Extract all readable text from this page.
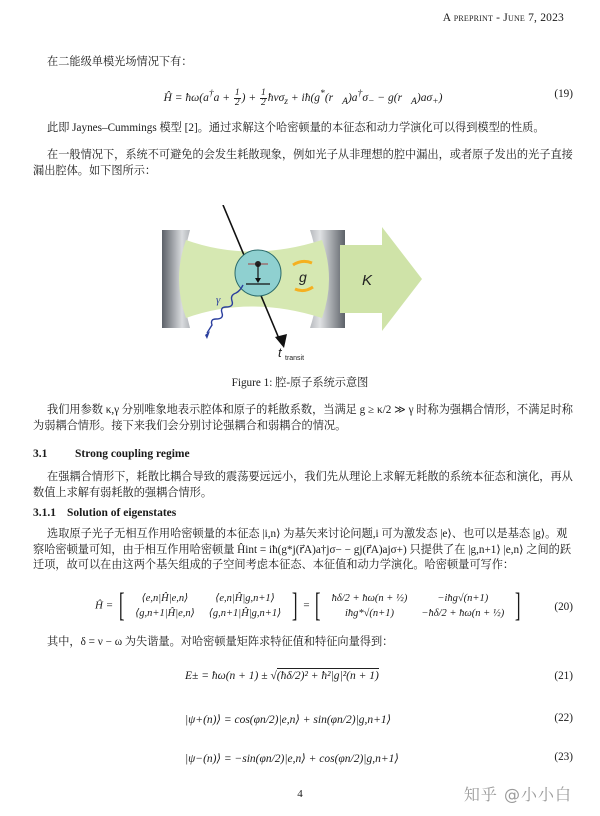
A preprint - June 7, 2023
在二能级单模光场情况下有：
Ĥ = ħω(a†a + $\frac{1}{2}$ ) + $\frac{1}{2}$ ħνσ$_z$ + $iħ(g^*(r⃗_A)a^\dagger\sigma_-$ − $g(r⃗_A)a\sigma_+$)	(19)
此即 Jaynes–Cummings 模型 [2]。通过求解这个哈密顿量的本征态和动力学演化可以得到模型的性质。
在一般情况下，系统不可避免的会发生耗散现象，例如光子从非理想的腔中漏出，或者原子发出的光子直接漏出腔体。如下图所示：
K
g
γ
t transit
Figure 1: 腔-原子系统示意图
我们用参数 κ,γ 分别唯象地表示腔体和原子的耗散系数，当满足 g ≥ κ/2 ≫ γ 时称为强耦合情形，不满足时称为弱耦合情形。接下来我们会分别讨论强耦合和弱耦合的情况。
3.1 Strong coupling regime
在强耦合情形下，耗散比耦合导致的震荡要远远小，我们先从理论上求解无耗散的系统本征态和演化，再从数值上求解有弱耗散的强耦合情形。
3.1.1 Solution of eigenstates
选取原子光子无相互作用哈密顿量的本征态 |i,n⟩ 为基矢来讨论问题,i 可为激发态 |e⟩、也可以是基态 |g⟩。观察哈密顿量可知，由于相互作用哈密顿量 Ĥint = iħ(g*j(r⃗A)a†jσ− − gj(r⃗A)ajσ+) 只提供了在 |g,n+1⟩ |e,n⟩ 之间的跃迁项，故可以在由这两个基矢组成的子空间考虑本征态、本征值和动力学演化。哈密顿量可写作：
Ĥ = [ ⟨e,n|Ĥ|e,n⟩	⟨e,n|Ĥ|g,n+1⟩
⟨g,n+1|Ĥ|e,n⟩	⟨g,n+1|Ĥ|g,n+1⟩ ] = [ ħδ/2 + ħω(n + ½)	−iħg√(n+1)
iħg*√(n+1)	−ħδ/2 + ħω(n + ½) ]	(20)
其中，δ = ν − ω 为失谐量。对哈密顿量矩阵求特征值和特征向量得到：
E± = ħω(n + 1) ± √(ħδ/2)² + ħ²|g|²(n + 1)	(21)
|ψ+(n)⟩ = cos(φn/2)|e,n⟩ + sin(φn/2)|g,n+1⟩	(22)
|ψ−(n)⟩ = −sin(φn/2)|e,n⟩ + cos(φn/2)|g,n+1⟩	(23)
4	知乎 @小小白
